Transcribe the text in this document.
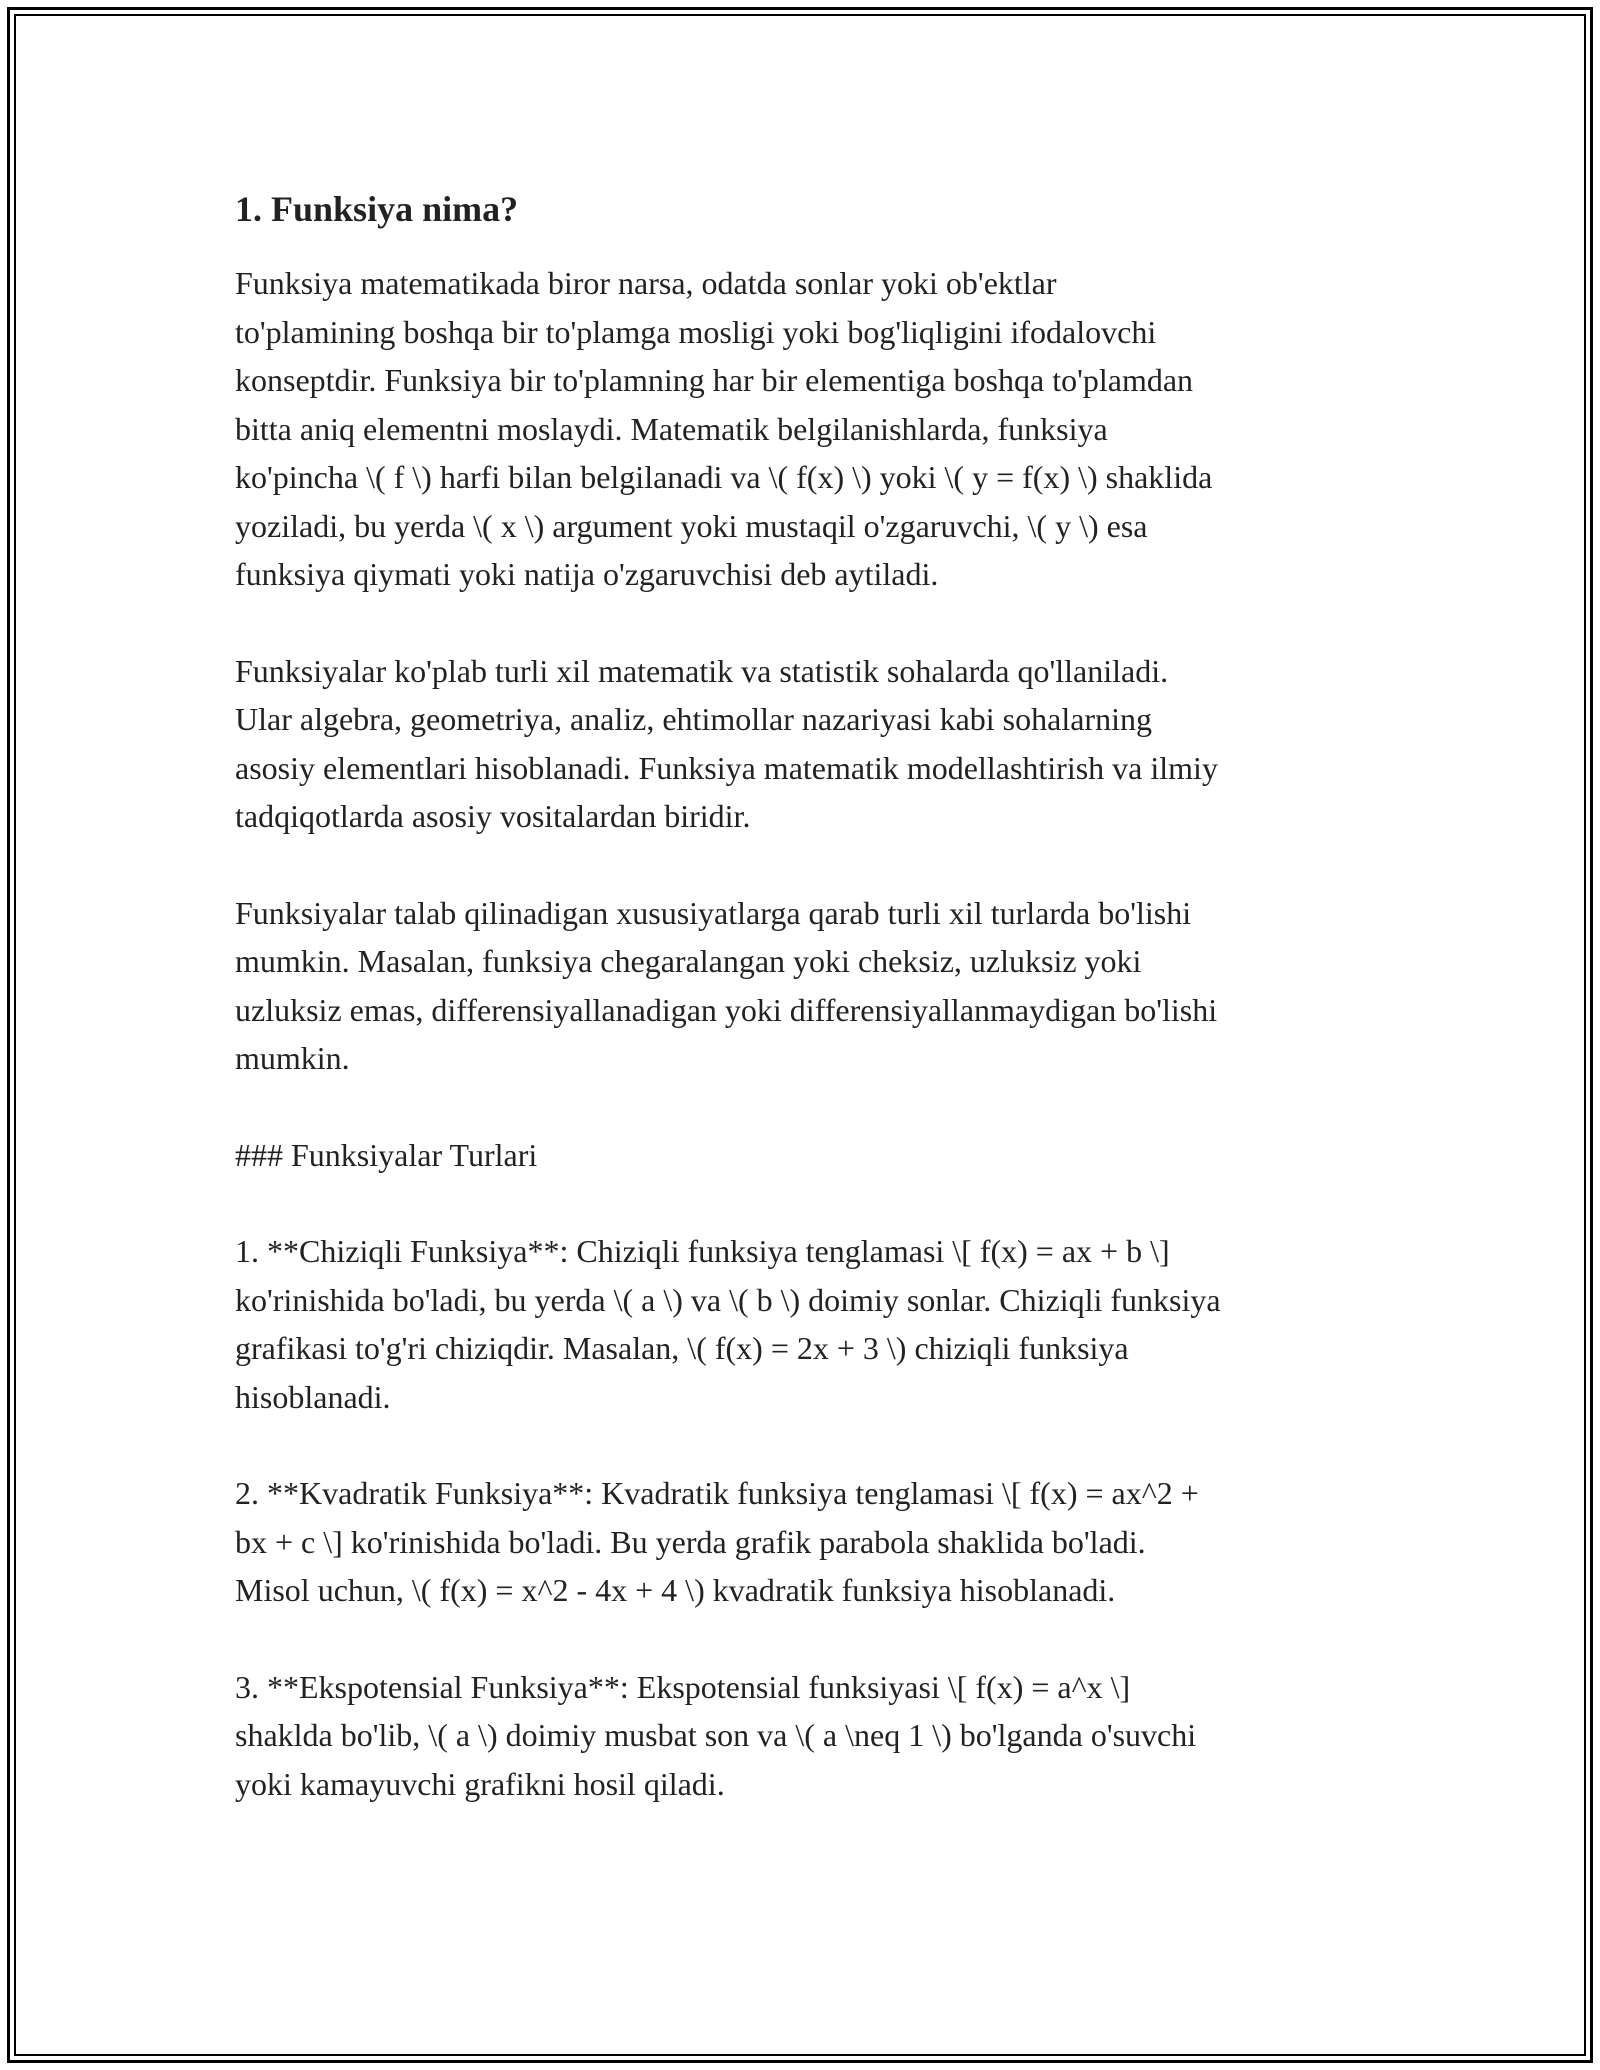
1. Funksiya nima?

Funksiya matematikada biror narsa, odatda sonlar yoki ob'ektlar
to'plamining boshqa bir to'plamga mosligi yoki bog'liqligini ifodalovchi
konseptdir. Funksiya bir to'plamning har bir elementiga boshqa to'plamdan
bitta aniq elementni moslaydi. Matematik belgilanishlarda, funksiya
ko'pincha \( f \) harfi bilan belgilanadi va \( f(x) \) yoki \( y = f(x) \) shaklida
yoziladi, bu yerda \( x \) argument yoki mustaqil o'zgaruvchi, \( y \) esa
funksiya qiymati yoki natija o'zgaruvchisi deb aytiladi.

Funksiyalar ko'plab turli xil matematik va statistik sohalarda qo'llaniladi.
Ular algebra, geometriya, analiz, ehtimollar nazariyasi kabi sohalarning
asosiy elementlari hisoblanadi. Funksiya matematik modellashtirish va ilmiy
tadqiqotlarda asosiy vositalardan biridir.

Funksiyalar talab qilinadigan xususiyatlarga qarab turli xil turlarda bo'lishi
mumkin. Masalan, funksiya chegaralangan yoki cheksiz, uzluksiz yoki
uzluksiz emas, differensiyallanadigan yoki differensiyallanmaydigan bo'lishi
mumkin.

### Funksiyalar Turlari

1. **Chiziqli Funksiya**: Chiziqli funksiya tenglamasi \[ f(x) = ax + b \]
ko'rinishida bo'ladi, bu yerda \( a \) va \( b \) doimiy sonlar. Chiziqli funksiya
grafikasi to'g'ri chiziqdir. Masalan, \( f(x) = 2x + 3 \) chiziqli funksiya
hisoblanadi.

2. **Kvadratik Funksiya**: Kvadratik funksiya tenglamasi \[ f(x) = ax^2 +
bx + c \] ko'rinishida bo'ladi. Bu yerda grafik parabola shaklida bo'ladi.
Misol uchun, \( f(x) = x^2 - 4x + 4 \) kvadratik funksiya hisoblanadi.

3. **Ekspotensial Funksiya**: Ekspotensial funksiyasi \[ f(x) = a^x \]
shaklda bo'lib, \( a \) doimiy musbat son va \( a \neq 1 \) bo'lganda o'suvchi
yoki kamayuvchi grafikni hosil qiladi.
